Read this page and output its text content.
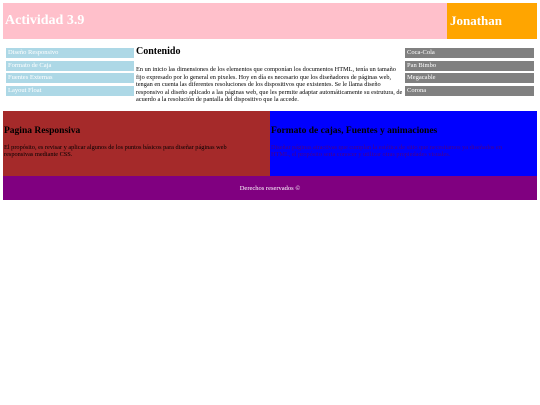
Actividad 3.9	Jonathan
Diseño Responsivo
Formato de Caja
Fuentes Externas
Layout Float
Contenido

En un inicio las dimensiones de los elementos que componían los documentos HTML, tenía un tamaño fijo expresado por lo general en pixeles. Hoy en día es necesario que los diseñadores de páginas web, tengan en cuenta las diferentes resoluciones de los dispositivos que existentes. Se le llama diseño responsivo al diseño aplicado a las páginas web, que les permite adaptar automáticamente su estrutura, de acuerdo a la resolución de pantalla del dispositivo que la accede.

Coca-Cola
Pan Bimbo
Megacable
Corona
Pagina Responsiva

El propósito, es revisar y aplicar algunos de los puntos básicos para diseñar páginas web responsivas mediante CSS.

Formato de cajas, Fuentes y animaciones

Diseñar páginas atractivas que cumplan la estética de sitio que necesitamos ya diseñados en HTML, el propósito seria conocer y utilizar otras propiedades visuales.

Derechos reservados ©
